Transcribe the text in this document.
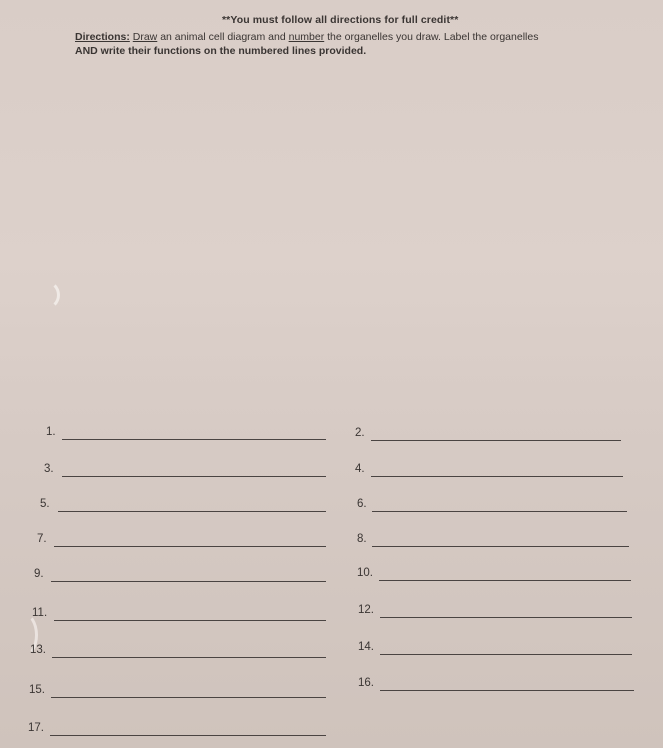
**You must follow all directions for full credit**
Directions: Draw an animal cell diagram and number the organelles you draw. Label the organelles
AND write their functions on the numbered lines provided.
1.
3.
5.
7.
9.
11.
13.
15.
17.
2.
4.
6.
8.
10.
12.
14.
16.
